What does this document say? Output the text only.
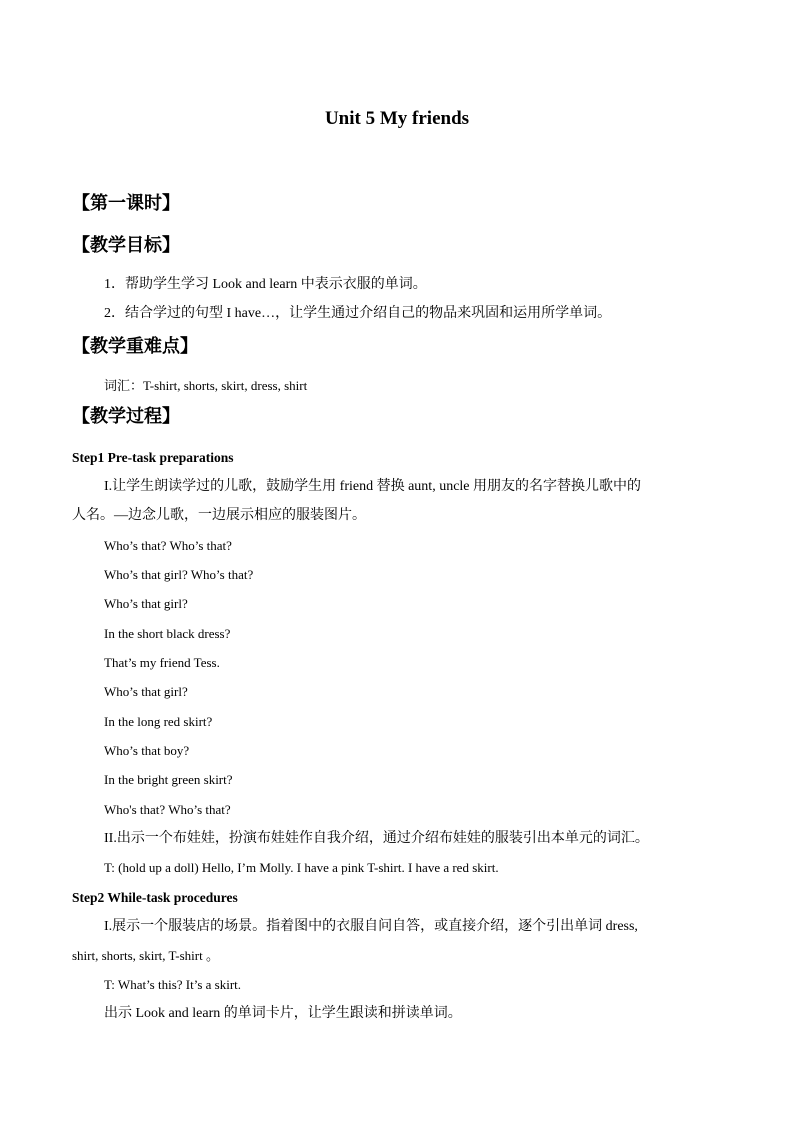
Unit 5 My friends
【第一课时】
【教学目标】
1．帮助学生学习 Look and learn 中表示衣服的单词。
2．结合学过的句型 I have…，让学生通过介绍自己的物品来巩固和运用所学单词。
【教学重难点】
词汇：T-shirt, shorts, skirt, dress, shirt
【教学过程】
Step1 Pre-task preparations
I.让学生朗读学过的儿歌，鼓励学生用 friend 替换 aunt, uncle 用朋友的名字替换儿歌中的
人名。—边念儿歌，一边展示相应的服装图片。
Who’s that? Who’s that?
Who’s that girl? Who’s that?
Who’s that girl?
In the short black dress?
That’s my friend Tess.
Who’s that girl?
In the long red skirt?
Who’s that boy?
In the bright green skirt?
Who's that? Who’s that?
II.出示一个布娃娃，扮演布娃娃作自我介绍，通过介绍布娃娃的服装引出本单元的词汇。
T: (hold up a doll) Hello, I’m Molly. I have a pink T-shirt. I have a red skirt.
Step2 While-task procedures
I.展示一个服装店的场景。指着图中的衣服自问自答，或直接介绍，逐个引出单词 dress,
shirt, shorts, skirt, T-shirt 。
T: What’s this? It’s a skirt.
出示 Look and learn 的单词卡片，让学生跟读和拼读单词。
